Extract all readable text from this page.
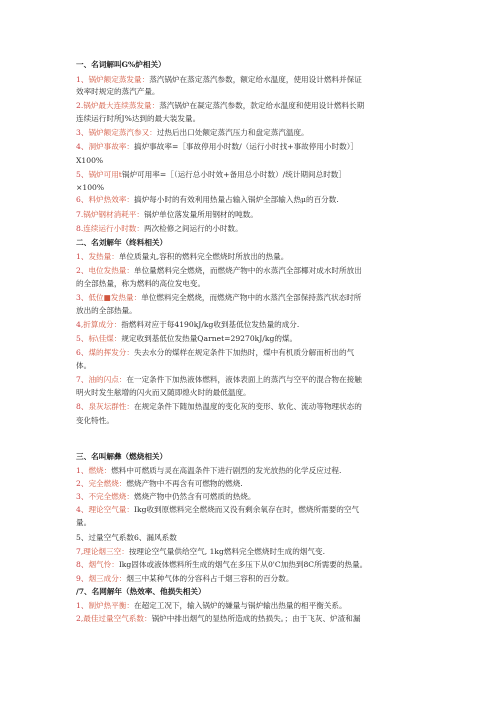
一、名词解叫G%炉相关）
1、锅炉额定蒸发量：蒸汽锅炉在蒸定蒸汽参数，额定给水温度，使用设计燃料并保证
效率时规定的蒸汽产量。
2.锅炉最大连续蒸发量：蒸汽锅炉在凝定蒸汽参数，款定给水温度和使用设计燃料长期
连续运行时所J%达到的最大装发量。
3、锅炉额定蒸汽参又：过热后出口处额定蒸汽压力和盘定蒸汽温度。
4、洞炉事故率：搞炉事故率=［事故停用小时数/（运行小时找+事故停用小时数）］
X100%
5、锅炉可用t锅炉可用率=［（运行总小时效+备用总小时数）/统计期间总时数］
×100%
6、料炉热效率：搞炉每小时的有效利用热量占输入锅炉全部输入热μ的百分数.
7.锅炉钢材消耗平：锅炉单位落发量所用钢材的吨数。
8.连续运行小时数：两次检修之间运行的小时数。
二、名刘解年（终料相关）
1、发热量：单位质量丸,容积的燃料完全燃烧时所放出的热量。
2、电位发热量：单位量燃料完全燃烧，而燃烧产物中的水蒸汽全部椰对成水时所放出
的全部热量，称为燃料的高位发电变。
3、低位■发热量：单位燃料完全燃烧，而燃烧产物中的水蒸汽全部保持蒸汽状态时所
放出的全部热量。
4,折算成分：指燃料对应于每4190kJ∕kg收到基低位发热量的成分.
5、标\佳煤：规定收到基低位发热量Qarnet=29270kJ∕kg的煤。
6、煤的挥发分：失去水分的煤样在规定条件下加热时，煤中有机质分解而析出的气
体。
7、油的闪点：在一定条件下加热液体燃料，液体表面上的蒸汽与空平的混合物在接触
明火时发生舷增的闪火而又随即熄火时的最低温度。
8、泉灰坛群性：在规定条件下随加热温度的变化灰的变形、软化、流动等物理状态的
变化特性。
三、名叫解彝（燃烧相关）
1、燃烧：燃料中可燃质与灵在高温条件下进行剧烈的发光放热的化学反应过程.
2、完全燃烧：燃烧产物中不再含有可燃物的燃烧.
3、不完全燃烧：燃烧产物中仍然含有可燃质的热烧。
4、理论空气量：Ikg收到原燃料完全燃烧而又没有剩余氧存在时，燃烧所需要的空气
量。
5、过量空气系数6、漏风系数
7,理论烟三空：按理论空气量供给空气, 1kg燃料完全燃烧时生成的烟气变.
8、烟气怜：Ikg固体或液体燃料所生成的烟气在多压下从0'C加热到8C所需要的热量。
9、烟三成分：烟三中某种气体的分容科占千烟三容积的百分数。
∕7、名网解年（热效率、他损失相关）
1、制炉热平衡：在超定工况下，输入锅炉的嫌量与锅炉输出热量的相平衡关系。
2,最佳过量空气系数：锅炉中排出烟气的显热所造成的热损失。；由于飞灰、炉渣和漏
